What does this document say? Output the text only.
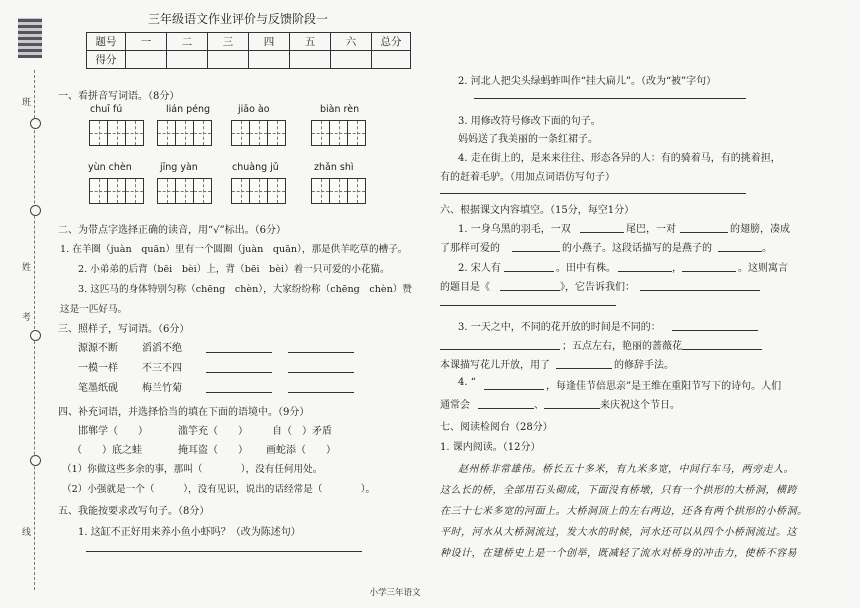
班
姓
考
线
三年级语文作业评价与反馈阶段一
题号	一	二	三	四	五	六	总分
得分							
一、看拼音写词语。（8分）
chuī fú	lián péng	jiāo ào	biàn rèn
yùn chèn	jīng yàn	chuàng jǔ	zhǎn shì
二、为带点字选择正确的读音，用“√”标出。（6分）
1. 在羊圈（juàn　quān）里有一个圆圈（juàn　quān），那是供羊吃草的槽子。
2. 小弟弟的后背（bēi　bèi）上，背（bēi　bèi）着一只可爱的小花猫。
3. 这匹马的身体特别匀称（chēng　chèn），大家纷纷称（chēng　chèn）赞
这是一匹好马。
三、照样子，写词语。（6分）
源源不断 滔滔不绝
一模一样 不三不四
笔墨纸砚 梅兰竹菊
四、补充词语，并选择恰当的填在下面的语境中。（9分）
邯郸学（　　）	滥竽充（　　） 自（　）矛盾
（　　）底之蛙	掩耳盗（　　） 画蛇添（　　）
（1）你做这些多余的事，那叫（　　　　），没有任何用处。
（2）小强就是一个（　　　），没有见识，说出的话经常是（　　　　）。
五、我能按要求改写句子。（8分）
1. 这缸不正好用来养小鱼小虾吗？（改为陈述句）
2. 河北人把尖头绿蚂蚱叫作“挂大扁儿”。（改为“被”字句）
3. 用修改符号修改下面的句子。
妈妈送了我美丽的一条红裙子。
4. 走在街上的，是来来往往、形态各异的人：有的骑着马，有的挑着担，
有的赶着毛驴。（用加点词语仿写句子）
六、根据课文内容填空。（15分，每空1分）
1. 一身乌黑的羽毛，一双	尾巴，一对	的翅膀，凑成
了那样可爱的	的小燕子。这段话描写的是燕子的	。
2. 宋人有	。田中有株。	，	。这则寓言
的题目是《	》，它告诉我们：
3. 一天之中，不同的花开放的时间是不同的：
；五点左右，艳丽的蔷薇花
本课描写花儿开放，用了	的修辞手法。
4. “	，每逢佳节倍思亲”是王维在重阳节写下的诗句。人们
通常会	、	来庆祝这个节日。
七、阅读检阅台（28分）
1. 课内阅读。（12分）
赵州桥非常雄伟。桥长五十多米，有九米多宽，中间行车马，两旁走人。
这么长的桥，全部用石头砌成，下面没有桥墩，只有一个拱形的大桥洞，横跨
在三十七米多宽的河面上。大桥洞顶上的左右两边，还各有两个拱形的小桥洞。
平时，河水从大桥洞流过，发大水的时候，河水还可以从四个小桥洞流过。这
种设计，在建桥史上是一个创举，既减轻了流水对桥身的冲击力，使桥不容易
小学三年语文
